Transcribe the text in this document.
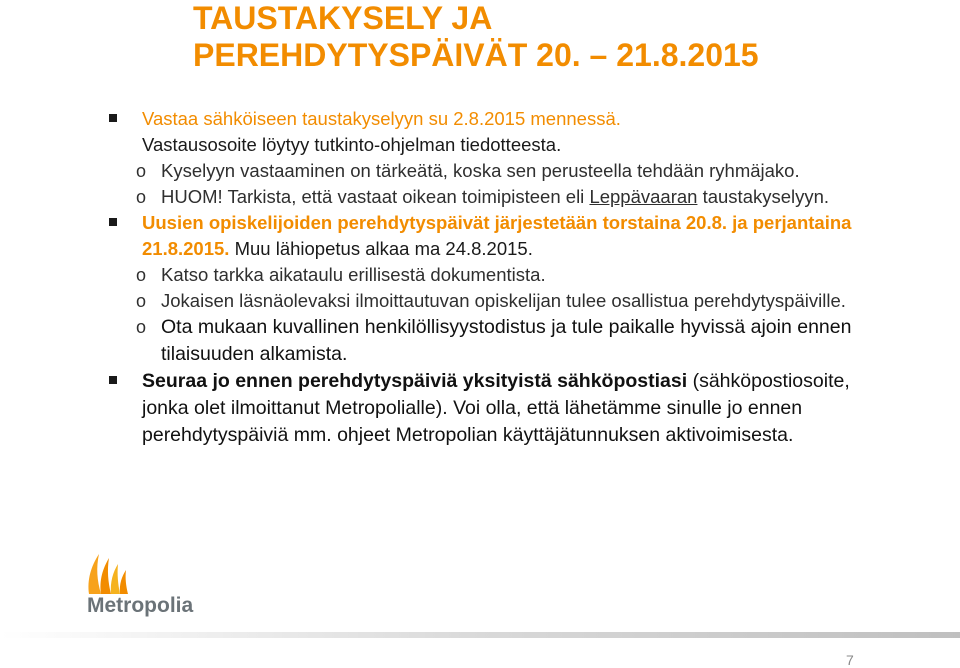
TAUSTAKYSELY JA
PEREHDYTYSPÄIVÄT 20. – 21.8.2015
Vastaa sähköiseen taustakyselyyn su 2.8.2015 mennessä.
Vastausosoite löytyy tutkinto-ohjelman tiedotteesta.
o Kyselyyn vastaaminen on tärkeätä, koska sen perusteella tehdään ryhmäjako.
o HUOM! Tarkista, että vastaat oikean toimipisteen eli Leppävaaran taustakyselyyn.
Uusien opiskelijoiden perehdytyspäivät järjestetään torstaina 20.8. ja perjantaina 21.8.2015. Muu lähiopetus alkaa ma 24.8.2015.
o Katso tarkka aikataulu erillisestä dokumentista.
o Jokaisen läsnäolevaksi ilmoittautuvan opiskelijan tulee osallistua perehdytyspäiville.
o Ota mukaan kuvallinen henkilöllisyystodistus ja tule paikalle hyvissä ajoin ennen tilaisuuden alkamista.
Seuraa jo ennen perehdytyspäiviä yksityistä sähköpostiasi (sähköpostiosoite, jonka olet ilmoittanut Metropolialle). Voi olla, että lähetämme sinulle jo ennen perehdytyspäiviä mm. ohjeet Metropolian käyttäjätunnuksen aktivoimisesta.
Metropolia
7
